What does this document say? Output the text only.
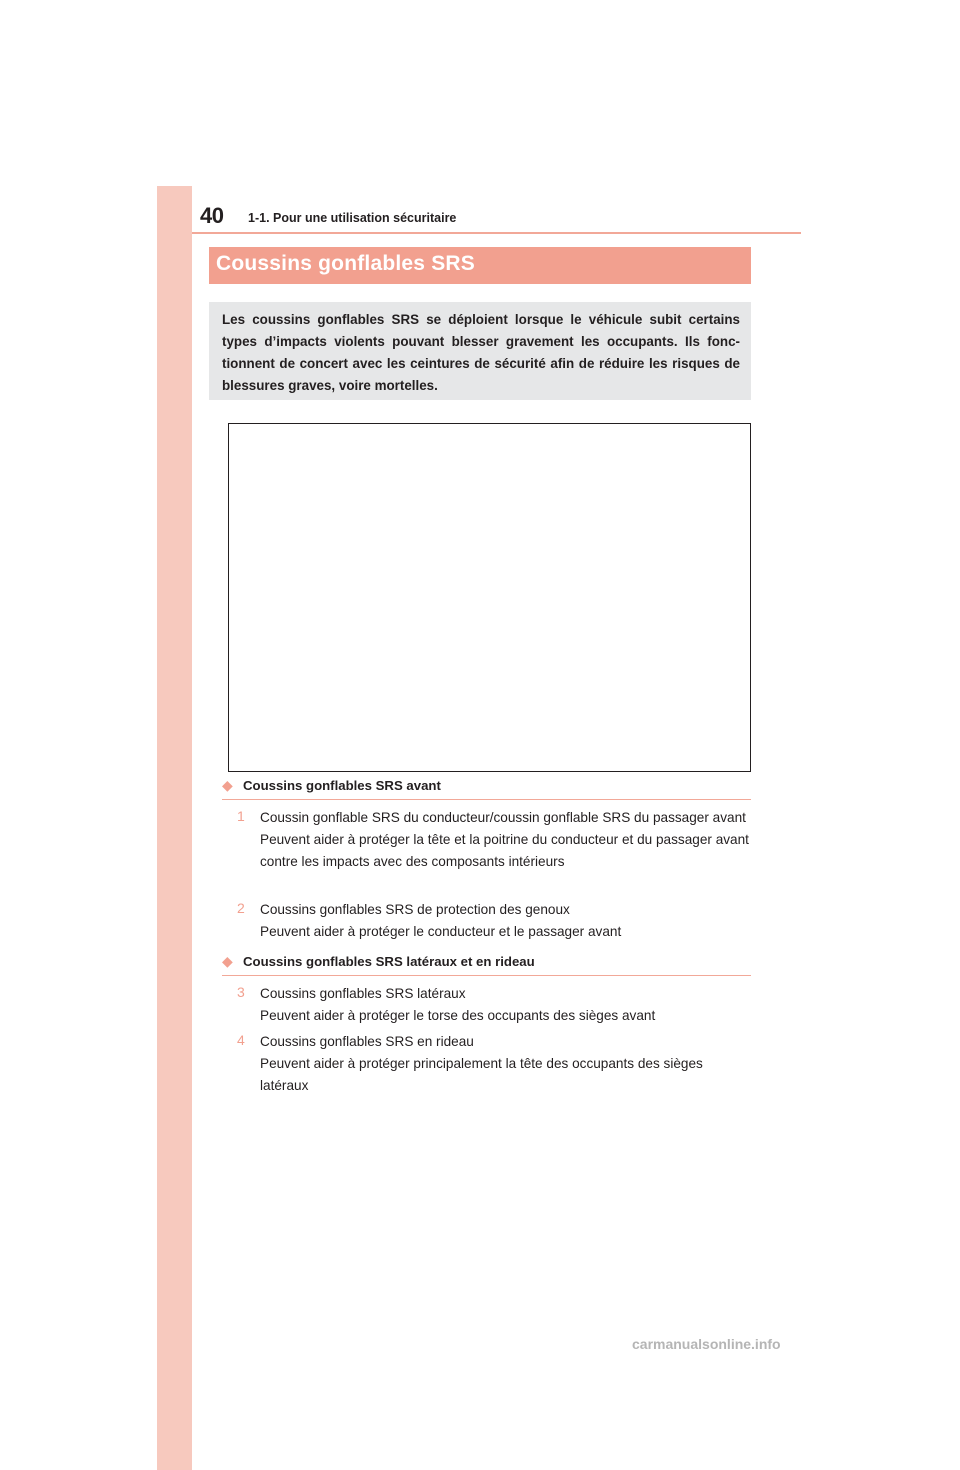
40 1-1. Pour une utilisation sécuritaire
Coussins gonflables SRS
Les coussins gonflables SRS se déploient lorsque le véhicule subit certains types d’impacts violents pouvant blesser gravement les occupants. Ils fonc-tionnent de concert avec les ceintures de sécurité afin de réduire les risques de blessures graves, voire mortelles.
◆ Coussins gonflables SRS avant
1 Coussin gonflable SRS du conducteur/coussin gonflable SRS du passager avant

Peuvent aider à protéger la tête et la poitrine du conducteur et du passager avant contre les impacts avec des composants intérieurs

2 Coussins gonflables SRS de protection des genoux

Peuvent aider à protéger le conducteur et le passager avant

◆ Coussins gonflables SRS latéraux et en rideau
3 Coussins gonflables SRS latéraux

Peuvent aider à protéger le torse des occupants des sièges avant

4 Coussins gonflables SRS en rideau

Peuvent aider à protéger principalement la tête des occupants des sièges latéraux

carmanualsonline.info
